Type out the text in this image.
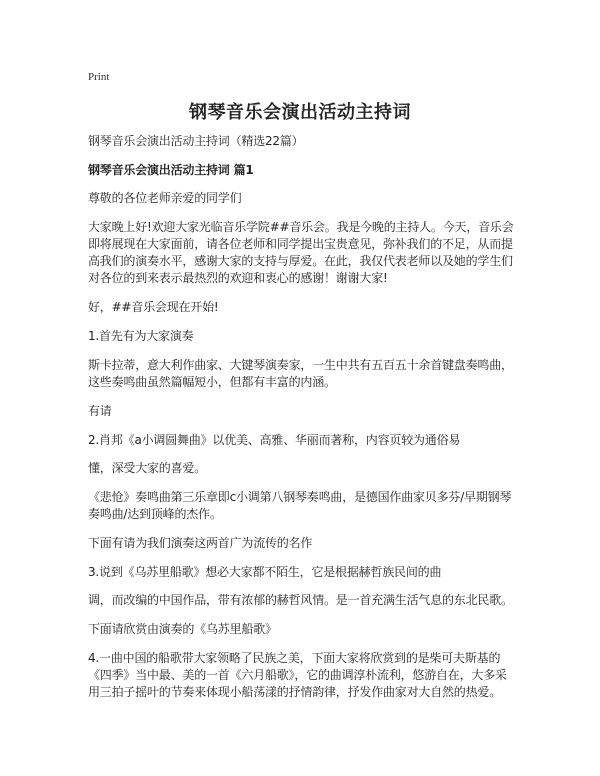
Print
钢琴音乐会演出活动主持词

钢琴音乐会演出活动主持词（精选22篇）

钢琴音乐会演出活动主持词 篇1

尊敬的各位老师亲爱的同学们

大家晚上好!欢迎大家光临音乐学院##音乐会。我是今晚的主持人。今天，音乐会即将展现在大家面前，请各位老师和同学提出宝贵意见，弥补我们的不足，从而提高我们的演奏水平，感谢大家的支持与厚爱。在此，我仅代表老师以及她的学生们对各位的到来表示最热烈的欢迎和衷心的感谢！谢谢大家!

好，##音乐会现在开始!

1.首先有为大家演奏

斯卡拉蒂，意大利作曲家、大键琴演奏家，一生中共有五百五十余首键盘奏鸣曲，这些奏鸣曲虽然篇幅短小，但都有丰富的内涵。

有请

2.肖邦《a小调圆舞曲》以优美、高雅、华丽而著称，内容页较为通俗易

懂，深受大家的喜爱。

《悲怆》奏鸣曲第三乐章即c小调第八钢琴奏鸣曲，是德国作曲家贝多芬/早期钢琴奏鸣曲/达到顶峰的杰作。

下面有请为我们演奏这两首广为流传的名作

3.说到《乌苏里船歌》想必大家都不陌生，它是根据赫哲族民间的曲

调，而改编的中国作品，带有浓郁的赫哲风情。是一首充满生活气息的东北民歌。

下面请欣赏由演奏的《乌苏里船歌》

4.一曲中国的船歌带大家领略了民族之美，下面大家将欣赏到的是柴可夫斯基的《四季》当中最、美的一首《六月船歌》，它的曲调淳朴流利，悠游自在，大多采用三拍子摇叶的节奏来体现小船荡漾的抒情韵律，抒发作曲家对大自然的热爱。
